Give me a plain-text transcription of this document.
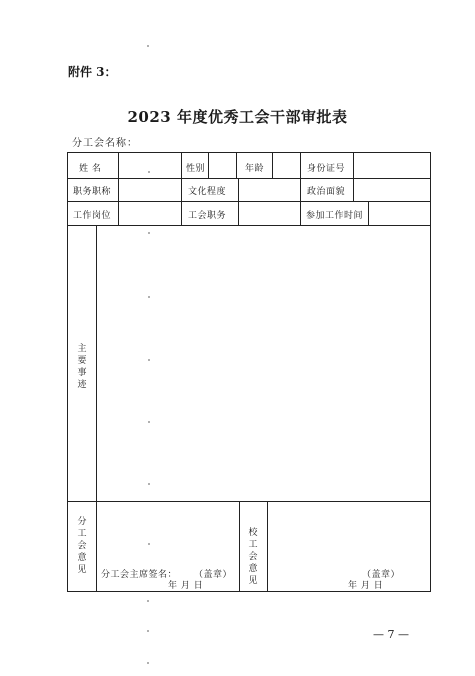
附件 3：
2023 年度优秀工会干部审批表
分工会名称：
姓 名	性别	年龄	身份证号
职务职称	文化程度	政治面貌
工作岗位	工会职务	参加工作时间
主要事迹
分工会意见 分工会主席签名： （盖章）
年 月 日
校工会意见
（盖章）
年 月 日
— 7 —
